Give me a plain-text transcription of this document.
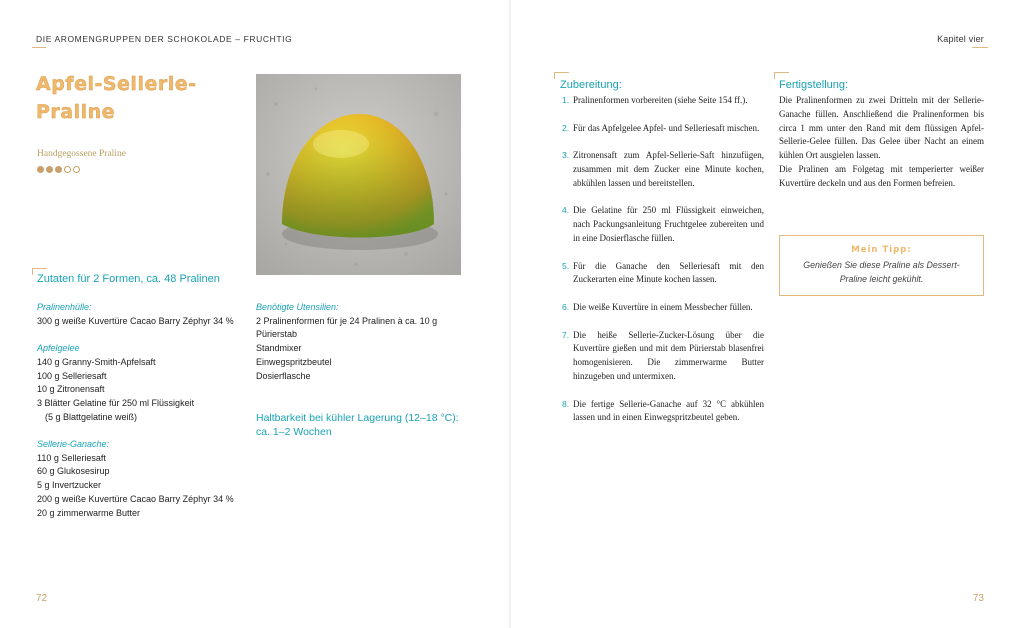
DIE AROMENGRUPPEN DER SCHOKOLADE – FRUCHTIG
Apfel-Sellerie-
Praline
Handgegossene Praline
Zutaten für 2 Formen, ca. 48 Pralinen
Pralinenhülle:
300 g weiße Kuvertüre Cacao Barry Zéphyr 34 %
Apfelgelee
140 g Granny-Smith-Apfelsaft
100 g Selleriesaft
10 g Zitronensaft
3 Blätter Gelatine für 250 ml Flüssigkeit
(5 g Blattgelatine weiß)
Sellerie-Ganache:
110 g Selleriesaft
60 g Glukosesirup
5 g Invertzucker
200 g weiße Kuvertüre Cacao Barry Zéphyr 34 %
20 g zimmerwarme Butter
Benötigte Utensilien:
2 Pralinenformen für je 24 Pralinen à ca. 10 g
Pürierstab
Standmixer
Einwegspritzbeutel
Dosierflasche
Haltbarkeit bei kühler Lagerung (12–18 °C):
ca. 1–2 Wochen
72
Kapitel vier
Zubereitung:
1. Pralinenformen vorbereiten (siehe Seite 154 ff.).
2. Für das Apfelgelee Apfel- und Selleriesaft mischen.
3. Zitronensaft zum Apfel-Sellerie-Saft hinzufügen, zusammen mit dem Zucker eine Minute kochen, abkühlen lassen und bereitstellen.
4. Die Gelatine für 250 ml Flüssigkeit einweichen, nach Packungsanleitung Fruchtgelee zubereiten und in eine Dosierflasche füllen.
5. Für die Ganache den Selleriesaft mit den Zuckerarten eine Minute kochen lassen.
6. Die weiße Kuvertüre in einem Messbecher füllen.
7. Die heiße Sellerie-Zucker-Lösung über die Kuvertüre gießen und mit dem Pürierstab blasenfrei homogenisieren. Die zimmerwarme Butter hinzugeben und untermixen.
8. Die fertige Sellerie-Ganache auf 32 °C abkühlen lassen und in einen Einwegspritzbeutel geben.
Fertigstellung:

Die Pralinenformen zu zwei Dritteln mit der Sellerie-Ganache füllen. Anschließend die Pralinenformen bis circa 1 mm unter den Rand mit dem flüssigen Apfel-Sellerie-Gelee füllen. Das Gelee über Nacht an einem kühlen Ort ausgielen lassen.

Die Pralinen am Folgetag mit temperierter weißer Kuvertüre deckeln und aus den Formen befreien.

Mein Tipp:
Genießen Sie diese Praline als Dessert-Praline leicht gekühlt.
73
